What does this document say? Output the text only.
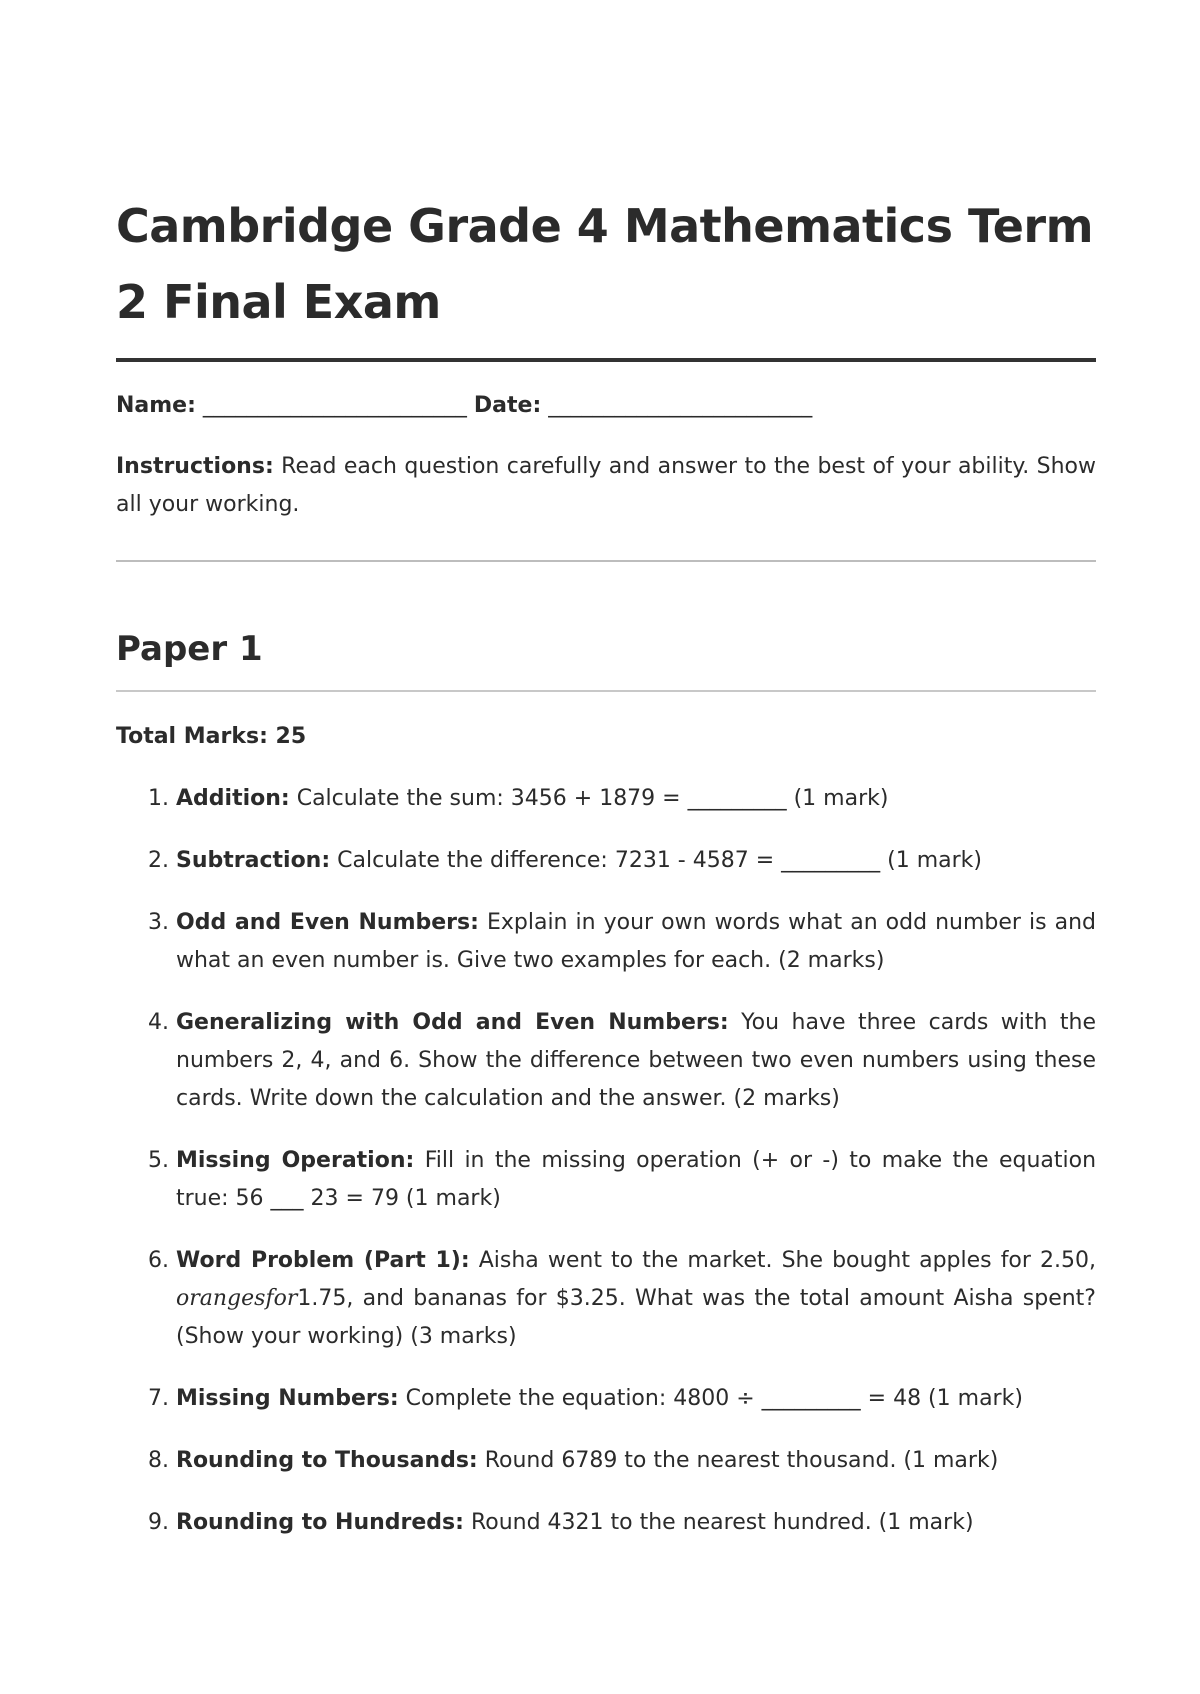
Cambridge Grade 4 Mathematics Term 2 Final Exam
Name: ________________________ Date: ________________________
Instructions: Read each question carefully and answer to the best of your ability. Show all your working.
Paper 1
Total Marks: 25
1. Addition: Calculate the sum: 3456 + 1879 = _________ (1 mark)
2. Subtraction: Calculate the difference: 7231 - 4587 = _________ (1 mark)
3. Odd and Even Numbers: Explain in your own words what an odd number is and what an even number is. Give two examples for each. (2 marks)
4. Generalizing with Odd and Even Numbers: You have three cards with the numbers 2, 4, and 6. Show the difference between two even numbers using these cards. Write down the calculation and the answer. (2 marks)
5. Missing Operation: Fill in the missing operation (+ or -) to make the equation true: 56 ___ 23 = 79 (1 mark)
6. Word Problem (Part 1): Aisha went to the market. She bought apples for 2.50, orangesfor1.75, and bananas for $3.25. What was the total amount Aisha spent? (Show your working) (3 marks)
7. Missing Numbers: Complete the equation: 4800 ÷ _________ = 48 (1 mark)
8. Rounding to Thousands: Round 6789 to the nearest thousand. (1 mark)
9. Rounding to Hundreds: Round 4321 to the nearest hundred. (1 mark)
